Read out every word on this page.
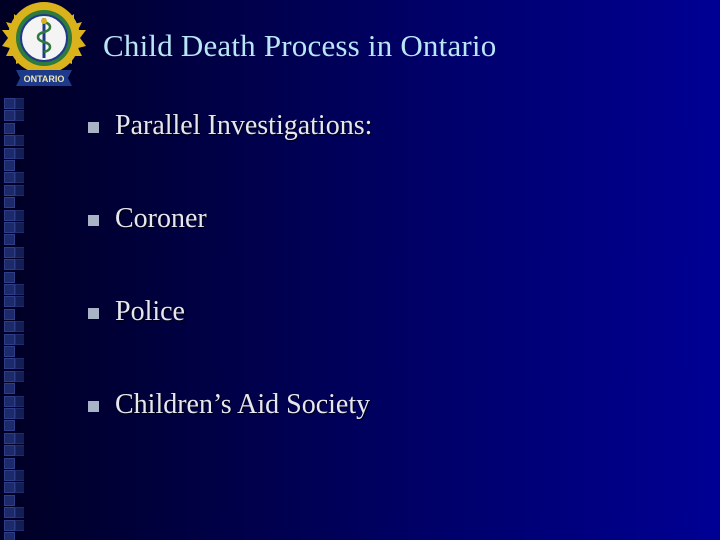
ONTARIO
Child Death Process in Ontario
Parallel Investigations:
Coroner
Police
Children’s Aid Society
